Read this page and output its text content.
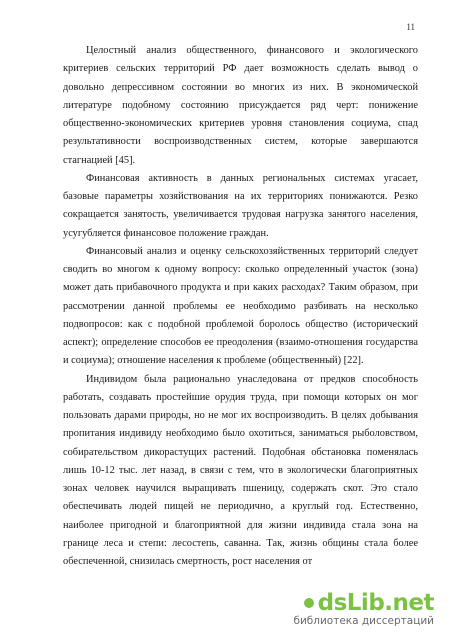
11

Целостный анализ общественного, финансового и экологического критериев сельских территорий РФ дает возможность сделать вывод о довольно депрессивном состоянии во многих из них. В экономической литературе подобному состоянию присуждается ряд черт: понижение общественно-экономических критериев уровня становления социума, спад результативности воспроизводственных систем, которые завершаются стагнацией [45].

Финансовая активность в данных региональных системах угасает, базовые параметры хозяйствования на их территориях понижаются. Резко сокращается занятость, увеличивается трудовая нагрузка занятого населения, усугубляется финансовое положение граждан.

Финансовый анализ и оценку сельскохозяйственных территорий следует сводить во многом к одному вопросу: сколько определенный участок (зона) может дать прибавочного продукта и при каких расходах? Таким образом, при рассмотрении данной проблемы ее необходимо разбивать на несколько подвопросов: как с подобной проблемой боролось общество (исторический аспект); определение способов ее преодоления (взаимо-отношения государства и социума); отношение населения к проблеме (общественный) [22].

Индивидом была рационально унаследована от предков способность работать, создавать простейшие орудия труда, при помощи которых он мог пользовать дарами природы, но не мог их воспроизводить. В целях добывания пропитания индивиду необходимо было охотиться, заниматься рыболовством, собирательством дикорастущих растений. Подобная обстановка поменялась лишь 10-12 тыс. лет назад, в связи с тем, что в экологически благоприятных зонах человек научился выращивать пшеницу, содержать скот. Это стало обеспечивать людей пищей не периодично, а круглый год. Естественно, наиболее пригодной и благоприятной для жизни индивида стала зона на границе леса и степи: лесостепь, саванна. Так, жизнь общины стала более обеспеченной, снизилась смертность, рост населения от

dsLib.net
библиотека диссертаций
